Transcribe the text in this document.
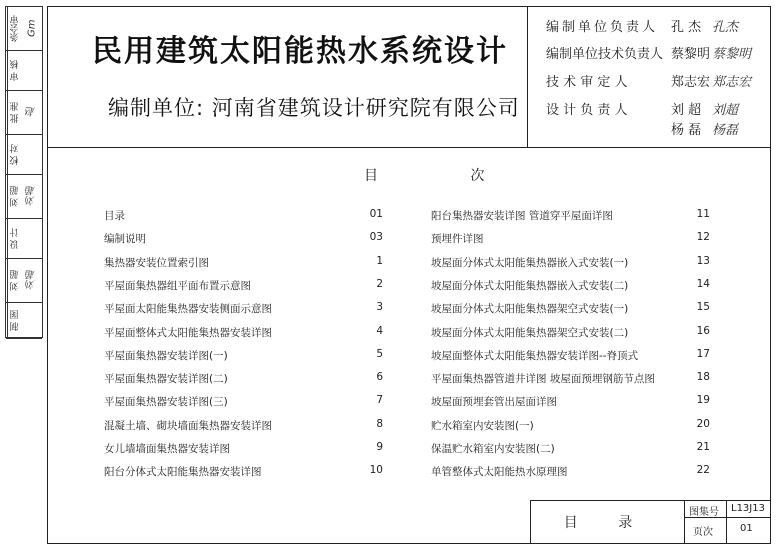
条会审 Gm
审 核
批 准 赵
校 对
刘 超 刘超
设 计
刘 超 刘超
制 图
民用建筑太阳能热水系统设计
编制单位: 河南省建筑设计研究院有限公司
编制单位负责人 孔 杰 孔杰
编制单位技术负责人 蔡黎明 蔡黎明
技 术 审 定 人	郑志宏 郑志宏
设 计 负 责 人	刘 超 刘超
杨 磊 杨磊
目 次
目录	01
编制说明	03
集热器安装位置索引图	1
平屋面集热器组平面布置示意图	2
平屋面太阳能集热器安装侧面示意图	3
平屋面整体式太阳能集热器安装详图	4
平屋面集热器安装详图(一)	5
平屋面集热器安装详图(二)	6
平屋面集热器安装详图(三)	7
混凝土墙、砌块墙面集热器安装详图	8
女儿墙墙面集热器安装详图	9
阳台分体式太阳能集热器安装详图	10
阳台集热器安装详图 管道穿平屋面详图	11
预埋件详图	12
坡屋面分体式太阳能集热器嵌入式安装(一)	13
坡屋面分体式太阳能集热器嵌入式安装(二)	14
坡屋面分体式太阳能集热器架空式安装(一)	15
坡屋面分体式太阳能集热器架空式安装(二)	16
坡屋面整体式太阳能集热器安装详图--脊顶式	17
平屋面集热器管道井详图 坡屋面预埋钢筋节点图	18
坡屋面预埋套管出屋面详图	19
贮水箱室内安装图(一)	20
保温贮水箱室内安装图(二)	21
单管整体式太阳能热水原理图	22
目 录
图集号 L13J13
页次	01
